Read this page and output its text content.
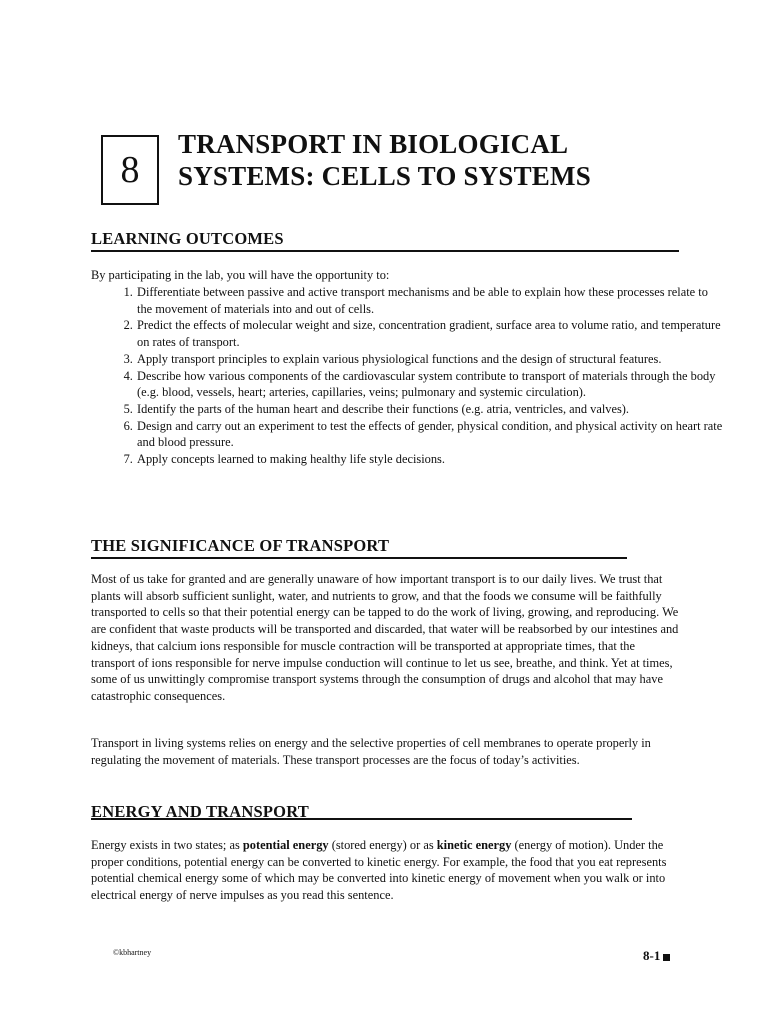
8
TRANSPORT IN BIOLOGICAL
SYSTEMS: CELLS TO SYSTEMS
LEARNING OUTCOMES

By participating in the lab, you will have the opportunity to:

1. Differentiate between passive and active transport mechanisms and be able to explain how these processes relate to the movement of materials into and out of cells.
2. Predict the effects of molecular weight and size, concentration gradient, surface area to volume ratio, and temperature on rates of transport.
3. Apply transport principles to explain various physiological functions and the design of structural features.
4. Describe how various components of the cardiovascular system contribute to transport of materials through the body (e.g. blood, vessels, heart; arteries, capillaries, veins; pulmonary and systemic circulation).
5. Identify the parts of the human heart and describe their functions (e.g. atria, ventricles, and valves).
6. Design and carry out an experiment to test the effects of gender, physical condition, and physical activity on heart rate and blood pressure.
7. Apply concepts learned to making healthy life style decisions.
THE SIGNIFICANCE OF TRANSPORT

Most of us take for granted and are generally unaware of how important transport is to our daily lives. We trust that plants will absorb sufficient sunlight, water, and nutrients to grow, and that the foods we consume will be faithfully transported to cells so that their potential energy can be tapped to do the work of living, growing, and reproducing. We are confident that waste products will be transported and discarded, that water will be reabsorbed by our intestines and kidneys, that calcium ions responsible for muscle contraction will be transported at appropriate times, that the transport of ions responsible for nerve impulse conduction will continue to let us see, breathe, and think. Yet at times, some of us unwittingly compromise transport systems through the consumption of drugs and alcohol that may have catastrophic consequences.

Transport in living systems relies on energy and the selective properties of cell membranes to operate properly in regulating the movement of materials. These transport processes are the focus of today’s activities.

ENERGY AND TRANSPORT

Energy exists in two states; as potential energy (stored energy) or as kinetic energy (energy of motion). Under the proper conditions, potential energy can be converted to kinetic energy. For example, the food that you eat represents potential chemical energy some of which may be converted into kinetic energy of movement when you walk or into electrical energy of nerve impulses as you read this sentence.

©kbhartney	8-1
